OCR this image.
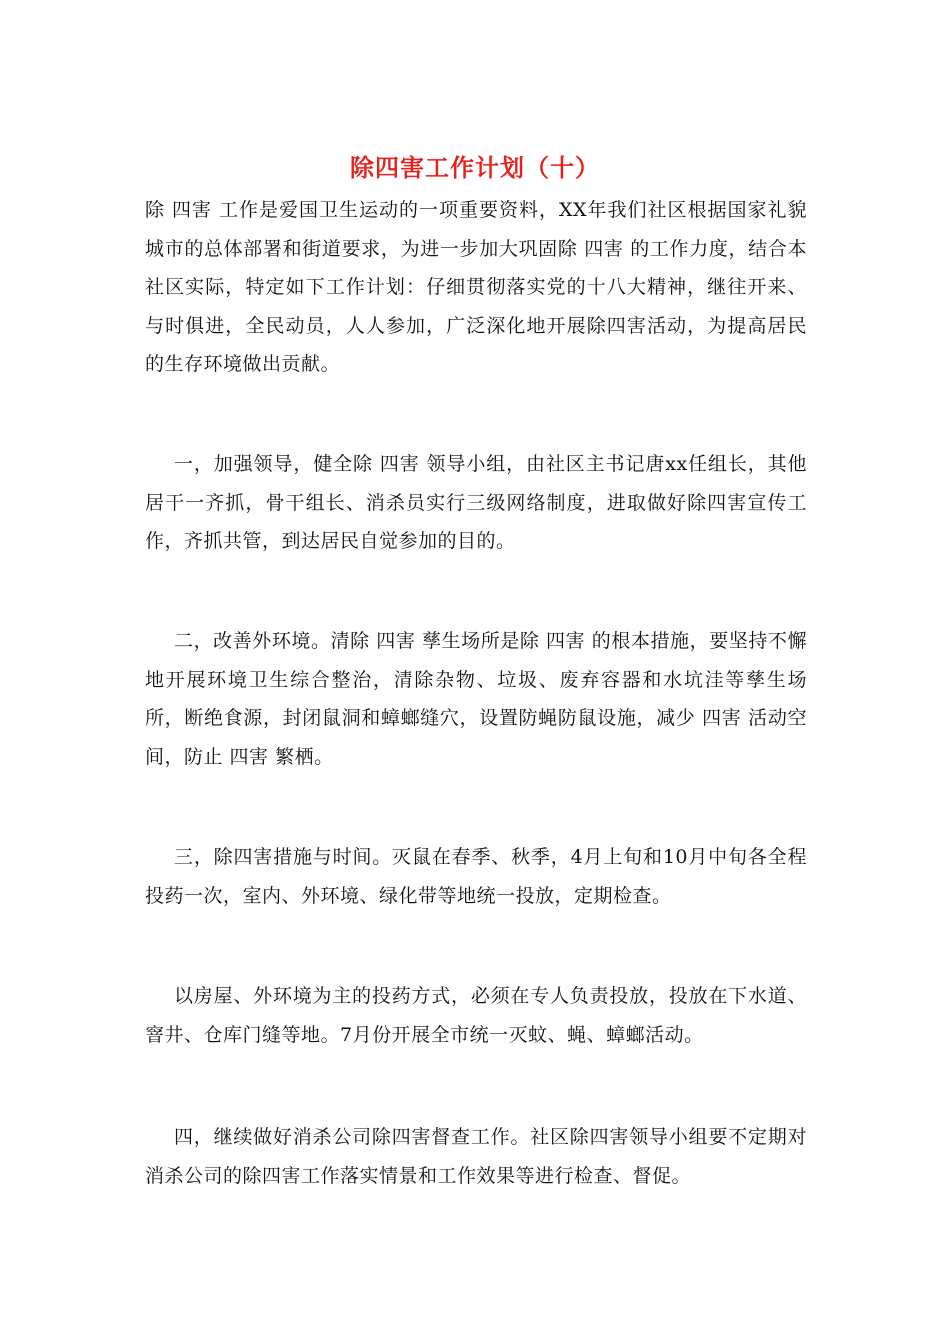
除四害工作计划（十）

除 四害 工作是爱国卫生运动的一项重要资料，XX年我们社区根据国家礼貌城市的总体部署和街道要求，为进一步加大巩固除 四害 的工作力度，结合本社区实际，特定如下工作计划：仔细贯彻落实党的十八大精神，继往开来、与时俱进，全民动员，人人参加，广泛深化地开展除四害活动，为提高居民的生存环境做出贡献。

一，加强领导，健全除 四害 领导小组，由社区主书记唐xx任组长，其他居干一齐抓，骨干组长、消杀员实行三级网络制度，进取做好除四害宣传工作，齐抓共管，到达居民自觉参加的目的。

二，改善外环境。清除 四害 孳生场所是除 四害 的根本措施，要坚持不懈地开展环境卫生综合整治，清除杂物、垃圾、废弃容器和水坑洼等孳生场所，断绝食源，封闭鼠洞和蟑螂缝穴，设置防蝇防鼠设施，减少 四害 活动空间，防止 四害 繁栖。

三，除四害措施与时间。灭鼠在春季、秋季，4月上旬和10月中旬各全程投药一次，室内、外环境、绿化带等地统一投放，定期检查。

以房屋、外环境为主的投药方式，必须在专人负责投放，投放在下水道、窨井、仓库门缝等地。7月份开展全市统一灭蚊、蝇、蟑螂活动。

四，继续做好消杀公司除四害督查工作。社区除四害领导小组要不定期对消杀公司的除四害工作落实情景和工作效果等进行检查、督促。
